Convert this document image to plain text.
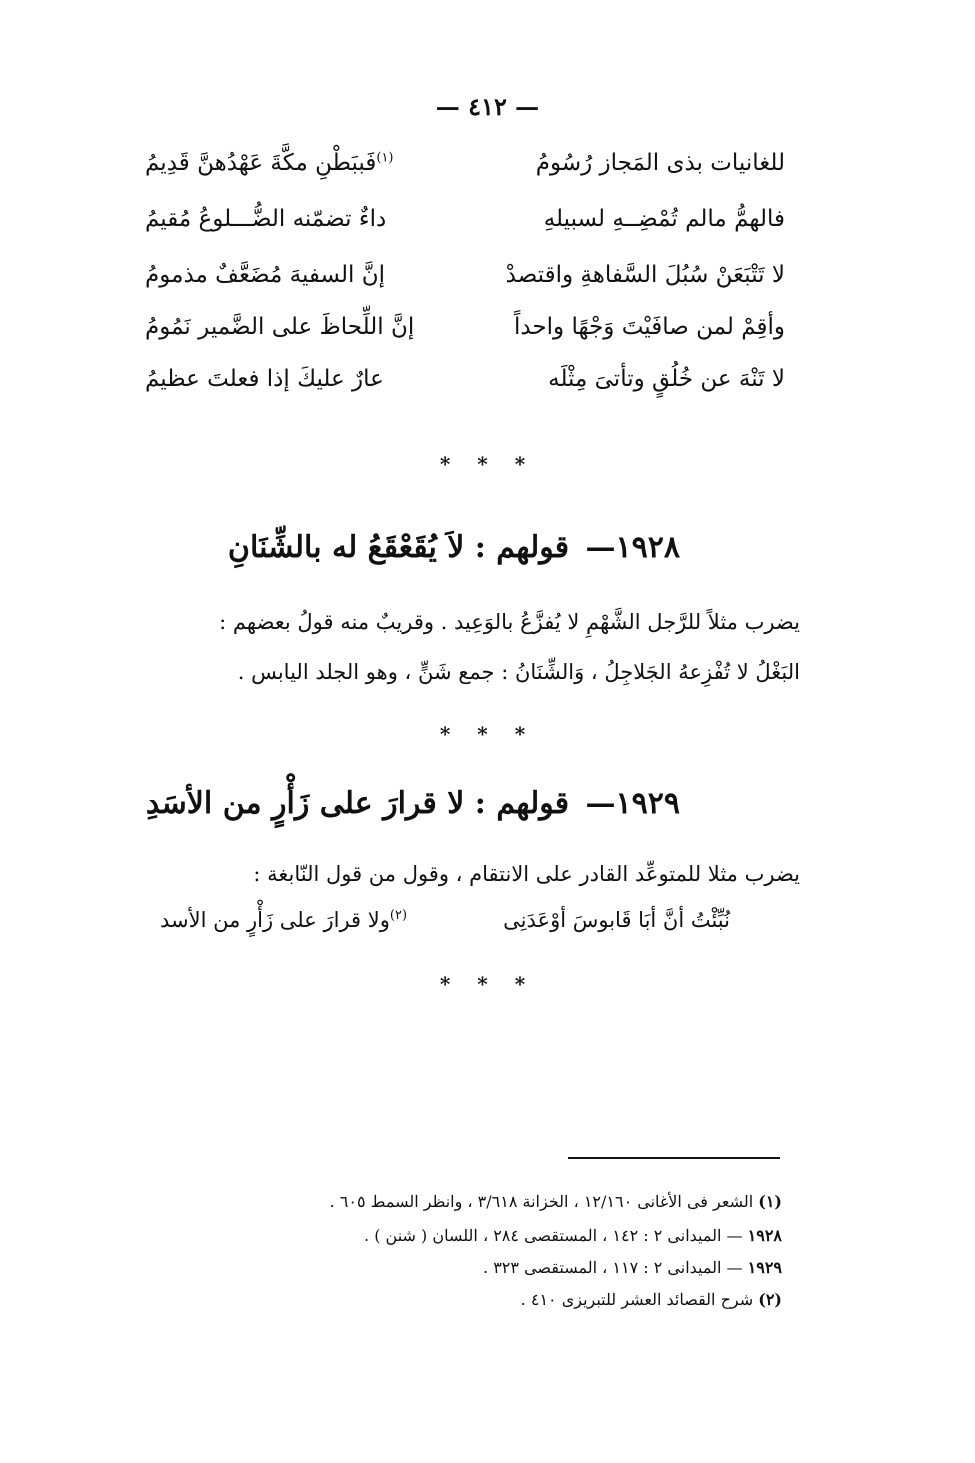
— ٤١٢ —
للغانيات بذى المَجاز رُسُومُ
$^{(١)}$فَببَطْنِ مكَّةَ عَهْدُهنَّ قَدِيمُ
فالهمُّ مالم تُمْضِــهِ لسبيلهِ
داءٌ تضمّنه الضُّـــلوعُ مُقيمُ
لا تَتْبَعَنْ سُبُلَ السَّفاهةِ واقتصدْ
إنَّ السفيهَ مُضَعَّفٌ مذمومُ
وأقِمْ لمن صافَيْتَ وَجْهًا واحداً
إنَّ اللِّحاظَ على الضَّمير نَمُومُ
لا تَنْهَ عن خُلُقٍ وتأتىَ مِثْلَه
عارٌ عليكَ إذا فعلتَ عظيمُ
* * *
١٩٢٨— قولهم : لاَ يُقَعْقَعُ له بالشِّنَانِ
يضرب مثلاً للرَّجل الشَّهْمِ لا يُفزَّعُ بالوَعِيد . وقريبٌ منه قولُ بعضهم :
البَغْلُ لا تُفْزِعهُ الجَلاجِلُ ، وَالشِّنَانُ : جمع شَنٍّ ، وهو الجلد اليابس .
* * *
١٩٢٩— قولهم : لا قرارَ على زَأْرٍ من الأسَدِ
يضرب مثلا للمتوعِّد القادر على الانتقام ، وقول من قول النّابغة :
نُبِّئْتُ أنَّ أبَا قَابوسَ أوْعَدَنِى
$^{(٢)}$ولا قرارَ على زَأْرٍ من الأسد
* * *
(١) الشعر فى الأغانى ١٢/١٦٠ ، الخزانة ٣/٦١٨ ، وانظر السمط ٦٠٥ .
١٩٢٨ — الميدانى ٢ : ١٤٢ ، المستقصى ٢٨٤ ، اللسان ( شنن ) .
١٩٢٩ — الميدانى ٢ : ١١٧ ، المستقصى ٣٢٣ .
(٢) شرح القصائد العشر للتبريزى ٤١٠ .
